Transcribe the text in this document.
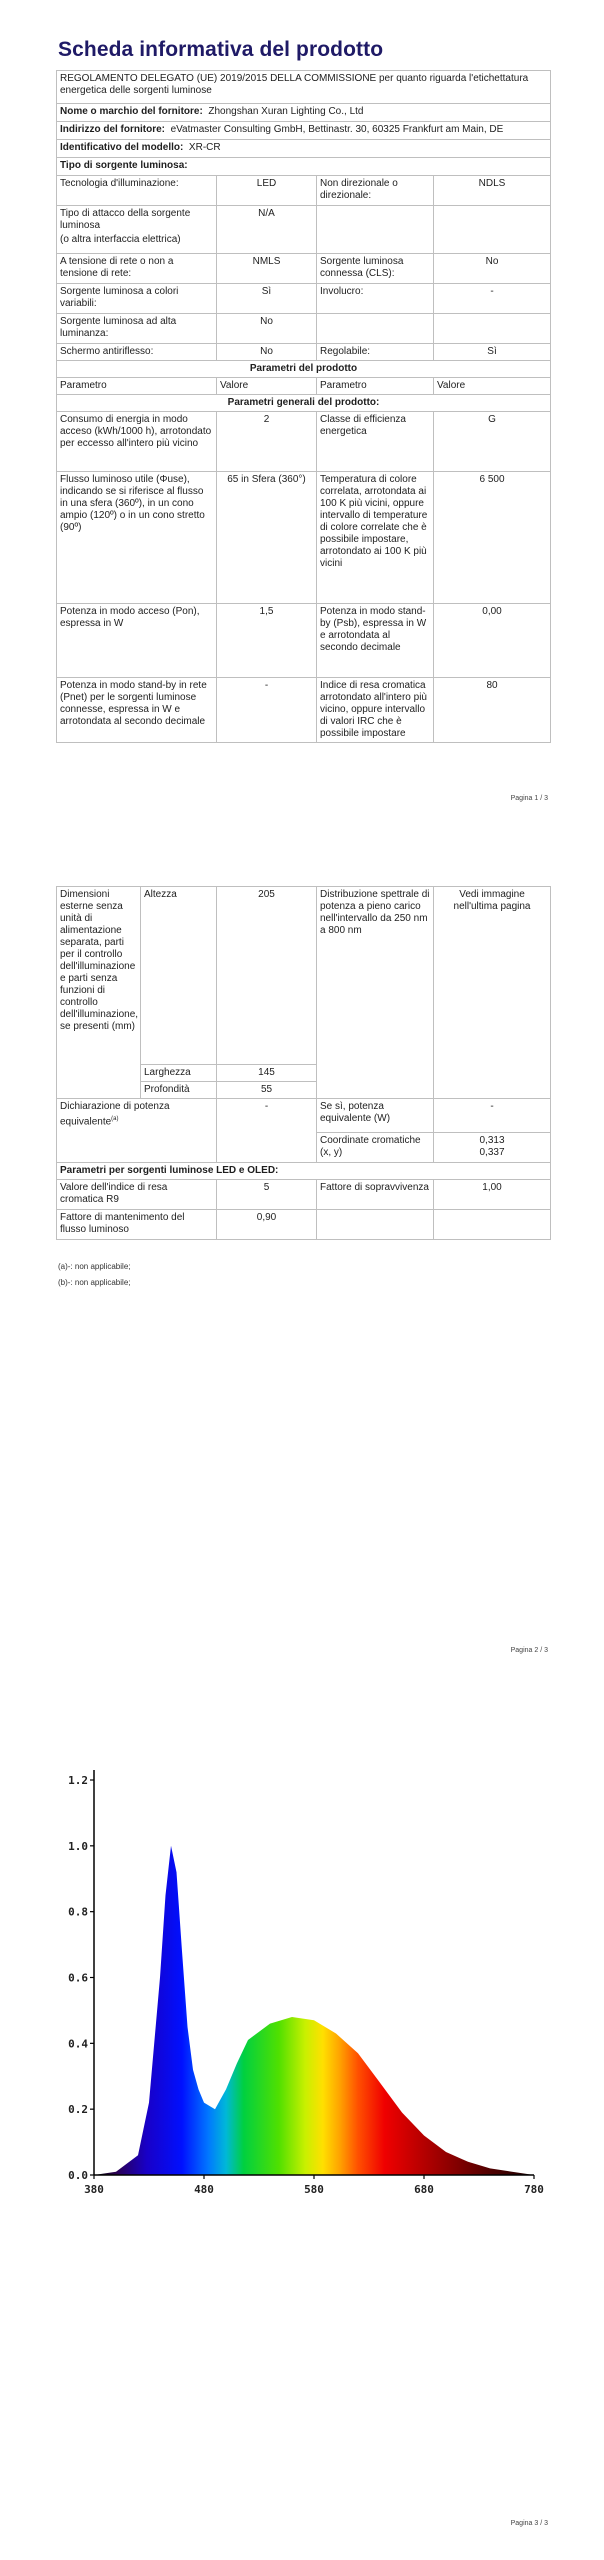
Scheda informativa del prodotto
REGOLAMENTO DELEGATO (UE) 2019/2015 DELLA COMMISSIONE per quanto riguarda l'etichettatura energetica delle sorgenti luminose			
Nome o marchio del fornitore: Zhongshan Xuran Lighting Co., Ltd			
Indirizzo del fornitore: eVatmaster Consulting GmbH, Bettinastr. 30, 60325 Frankfurt am Main, DE			
Identificativo del modello: XR-CR			
Tipo di sorgente luminosa:			
Tecnologia d'illuminazione:	LED	Non direzionale o direzionale:	NDLS

Tipo di attacco della sorgente luminosa
(o altra interfaccia elettrica)	N/A		
A tensione di rete o non a tensione di rete:	NMLS	Sorgente luminosa connessa (CLS):	No
Sorgente luminosa a colori variabili:	Sì	Involucro:	-
Sorgente luminosa ad alta luminanza:	No		
Schermo antiriflesso:	No	Regolabile:	Sì
Parametri del prodotto			
Parametro	Valore	Parametro	Valore
Parametri generali del prodotto:			
Consumo di energia in modo acceso (kWh/1000 h), arrotondato per eccesso all'intero più vicino	2	Classe di efficienza energetica	G
Flusso luminoso utile (Φuse), indicando se si riferisce al flusso in una sfera (360º), in un cono ampio (120º) o in un cono stretto (90º)	65 in Sfera (360°)	Temperatura di colore correlata, arrotondata ai 100 K più vicini, oppure intervallo di temperature di colore correlate che è possibile impostare, arrotondato ai 100 K più vicini	6 500
Potenza in modo acceso (Pon), espressa in W	1,5	Potenza in modo stand-by (Psb), espressa in W e arrotondata al secondo decimale	0,00
Potenza in modo stand-by in rete (Pnet) per le sorgenti luminose connesse, espressa in W e arrotondata al secondo decimale	-	Indice di resa cromatica arrotondato all'intero più vicino, oppure intervallo di valori IRC che è possibile impostare	80
Pagina 1 / 3
Dimensioni esterne senza unità di alimentazione separata, parti per il controllo dell'illuminazione e parti senza funzioni di controllo dell'illuminazione, se presenti (mm)	Altezza	205	Distribuzione spettrale di potenza a pieno carico nell'intervallo da 250 nm a 800 nm	Vedi immagine nell'ultima pagina
	Larghezza	145		
	Profondità	55		
Dichiarazione di potenza equivalente$^{(a)}$		-	Se sì, potenza equivalente (W)	-
			Coordinate cromatiche (x, y)	0,313
0,337

Parametri per sorgenti luminose LED e OLED:				
Valore dell'indice di resa cromatica R9		5	Fattore di sopravvivenza	1,00
Fattore di mantenimento del flusso luminoso		0,90		
(a)-: non applicabile;
(b)-: non applicabile;
Pagina 2 / 3
0.0
0.2
0.4
0.6
0.8
1.0
1.2
380	480	580	680	780
Pagina 3 / 3
